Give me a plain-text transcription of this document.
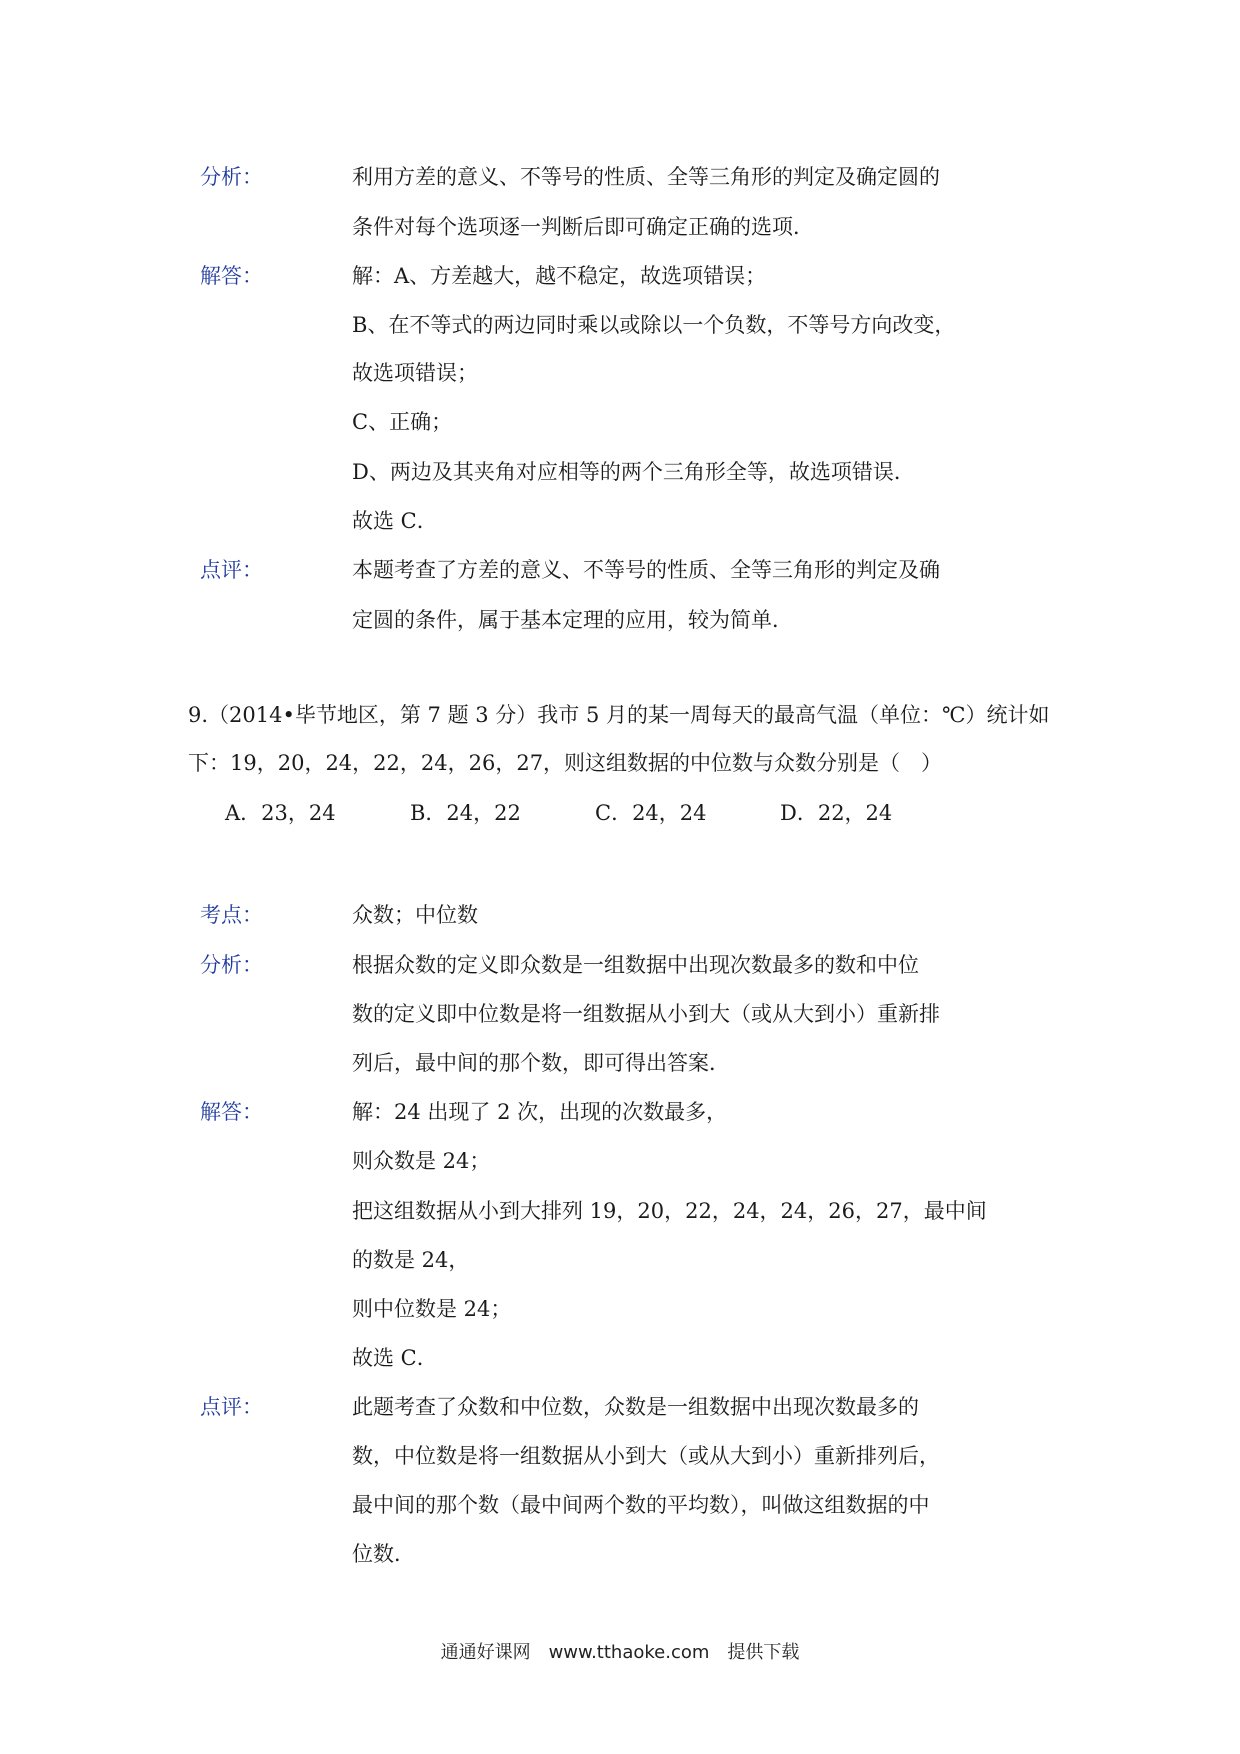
分析：	利用方差的意义、不等号的性质、全等三角形的判定及确定圆的
条件对每个选项逐一判断后即可确定正确的选项．
解答：	解：A、方差越大，越不稳定，故选项错误；
B、在不等式的两边同时乘以或除以一个负数，不等号方向改变，
故选项错误；
C、正确；
D、两边及其夹角对应相等的两个三角形全等，故选项错误．
故选 C．
点评：	本题考查了方差的意义、不等号的性质、全等三角形的判定及确
定圆的条件，属于基本定理的应用，较为简单．
9.（2014•毕节地区，第 7 题 3 分）我市 5 月的某一周每天的最高气温（单位：℃）统计如
下：19，20，24，22，24，26，27，则这组数据的中位数与众数分别是（　）
A．23，24	B．24，22	C．24，24	D．22，24
考点：	众数；中位数
分析：	根据众数的定义即众数是一组数据中出现次数最多的数和中位
数的定义即中位数是将一组数据从小到大（或从大到小）重新排
列后，最中间的那个数，即可得出答案．
解答：	解：24 出现了 2 次，出现的次数最多，
则众数是 24；
把这组数据从小到大排列 19，20，22，24，24，26，27，最中间
的数是 24，
则中位数是 24；
故选 C．
点评：	此题考查了众数和中位数，众数是一组数据中出现次数最多的
数，中位数是将一组数据从小到大（或从大到小）重新排列后，
最中间的那个数（最中间两个数的平均数），叫做这组数据的中
位数．
通通好课网　www.tthaoke.com　提供下载
